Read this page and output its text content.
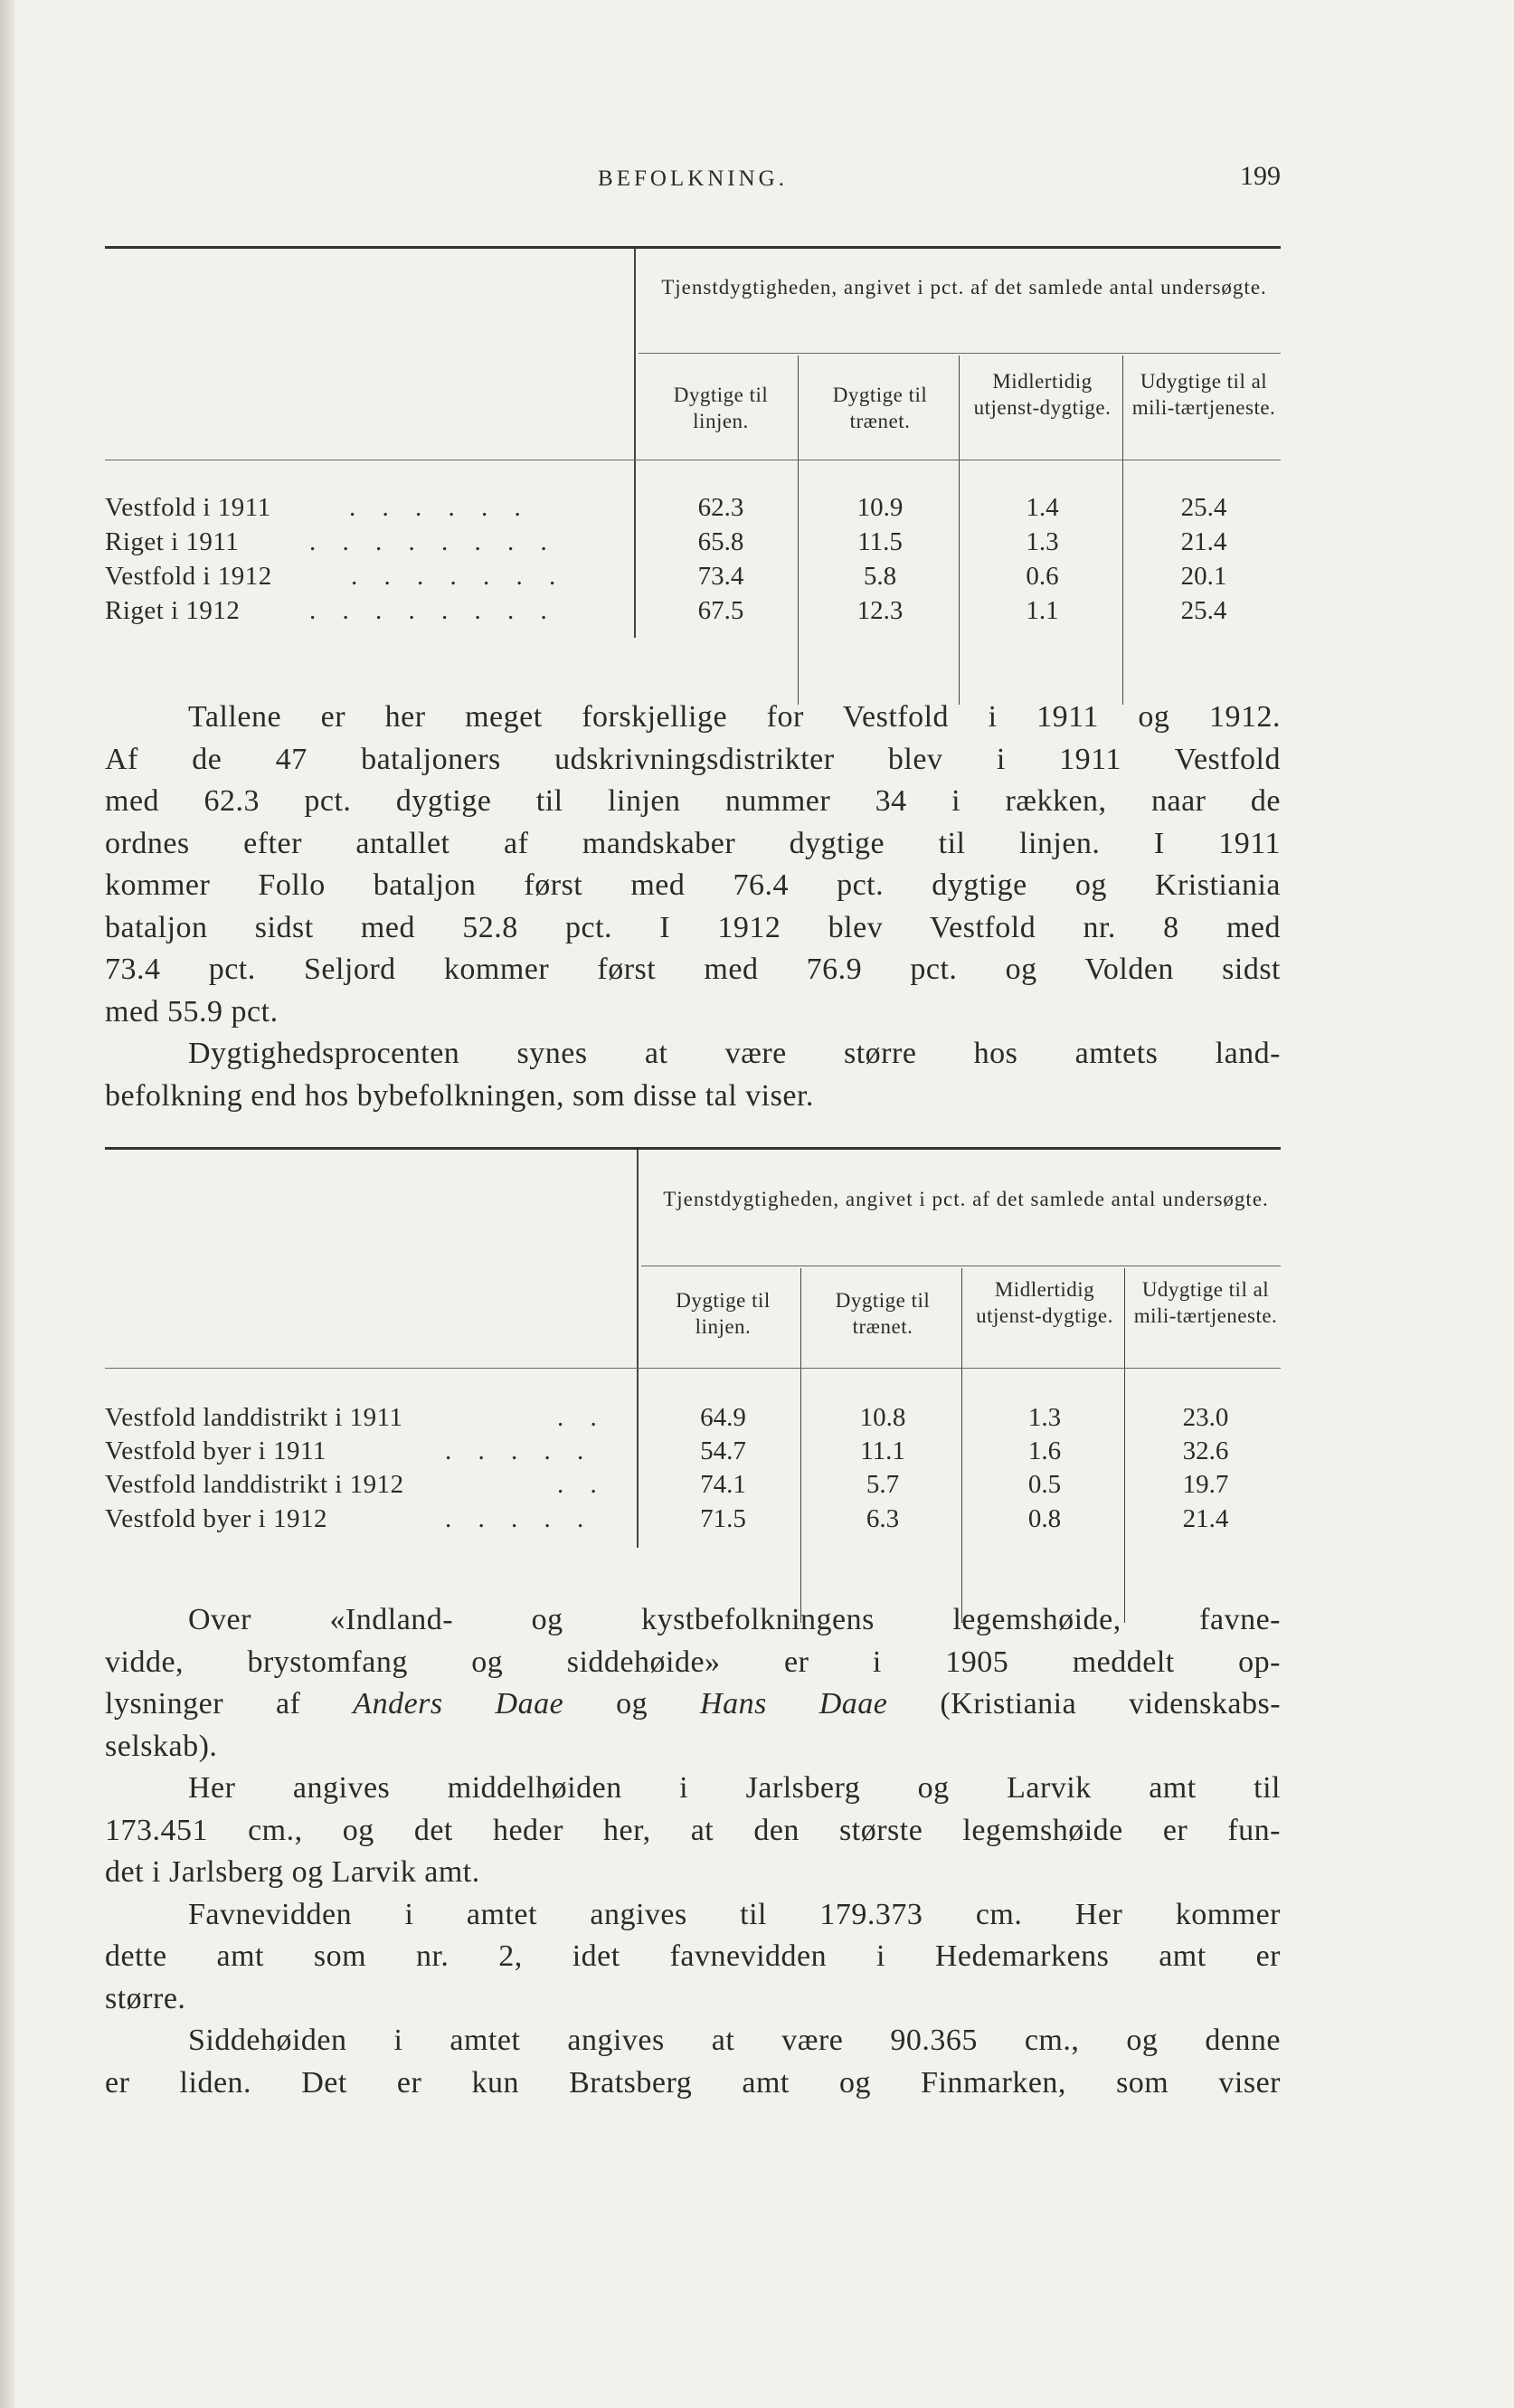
BEFOLKNING.	199
Tjenstdygtigheden, angivet i pct. af det samlede antal undersøgte.
Dygtige til linjen.
Dygtige til trænet.
Midlertidig utjenst-dygtige.
Udygtige til al mili-tærtjeneste.
Vestfold i 1911	. . . . . .	62.3	10.9	1.4	25.4
Riget i 1911	. . . . . . . .	65.8	11.5	1.3	21.4
Vestfold i 1912	. . . . . . .	73.4	5.8	0.6	20.1
Riget i 1912	. . . . . . . .	67.5	12.3	1.1	25.4
Tallene er her meget forskjellige for Vestfold i 1911 og 1912.
Af de 47 bataljoners udskrivningsdistrikter blev i 1911 Vestfold
med 62.3 pct. dygtige til linjen nummer 34 i rækken, naar de
ordnes efter antallet af mandskaber dygtige til linjen. I 1911
kommer Follo bataljon først med 76.4 pct. dygtige og Kristiania
bataljon sidst med 52.8 pct. I 1912 blev Vestfold nr. 8 med
73.4 pct. Seljord kommer først med 76.9 pct. og Volden sidst
med 55.9 pct.
Dygtighedsprocenten synes at være større hos amtets land-
befolkning end hos bybefolkningen, som disse tal viser.
Tjenstdygtigheden, angivet i pct. af det samlede antal undersøgte.
Dygtige til linjen.
Dygtige til trænet.
Midlertidig utjenst-dygtige.
Udygtige til al mili-tærtjeneste.
Vestfold landdistrikt i 1911	. .	64.9	10.8	1.3	23.0
Vestfold byer i 1911	. . . . .	54.7	11.1	1.6	32.6
Vestfold landdistrikt i 1912	. .	74.1	5.7	0.5	19.7
Vestfold byer i 1912	. . . . .	71.5	6.3	0.8	21.4
Over «Indland- og kystbefolkningens legemshøide, favne-
vidde, brystomfang og siddehøide» er i 1905 meddelt op-
lysninger af Anders Daae og Hans Daae (Kristiania videnskabs-
selskab).
Her angives middelhøiden i Jarlsberg og Larvik amt til
173.451 cm., og det heder her, at den største legemshøide er fun-
det i Jarlsberg og Larvik amt.
Favnevidden i amtet angives til 179.373 cm. Her kommer
dette amt som nr. 2, idet favnevidden i Hedemarkens amt er
større.
Siddehøiden i amtet angives at være 90.365 cm., og denne
er liden. Det er kun Bratsberg amt og Finmarken, som viser
